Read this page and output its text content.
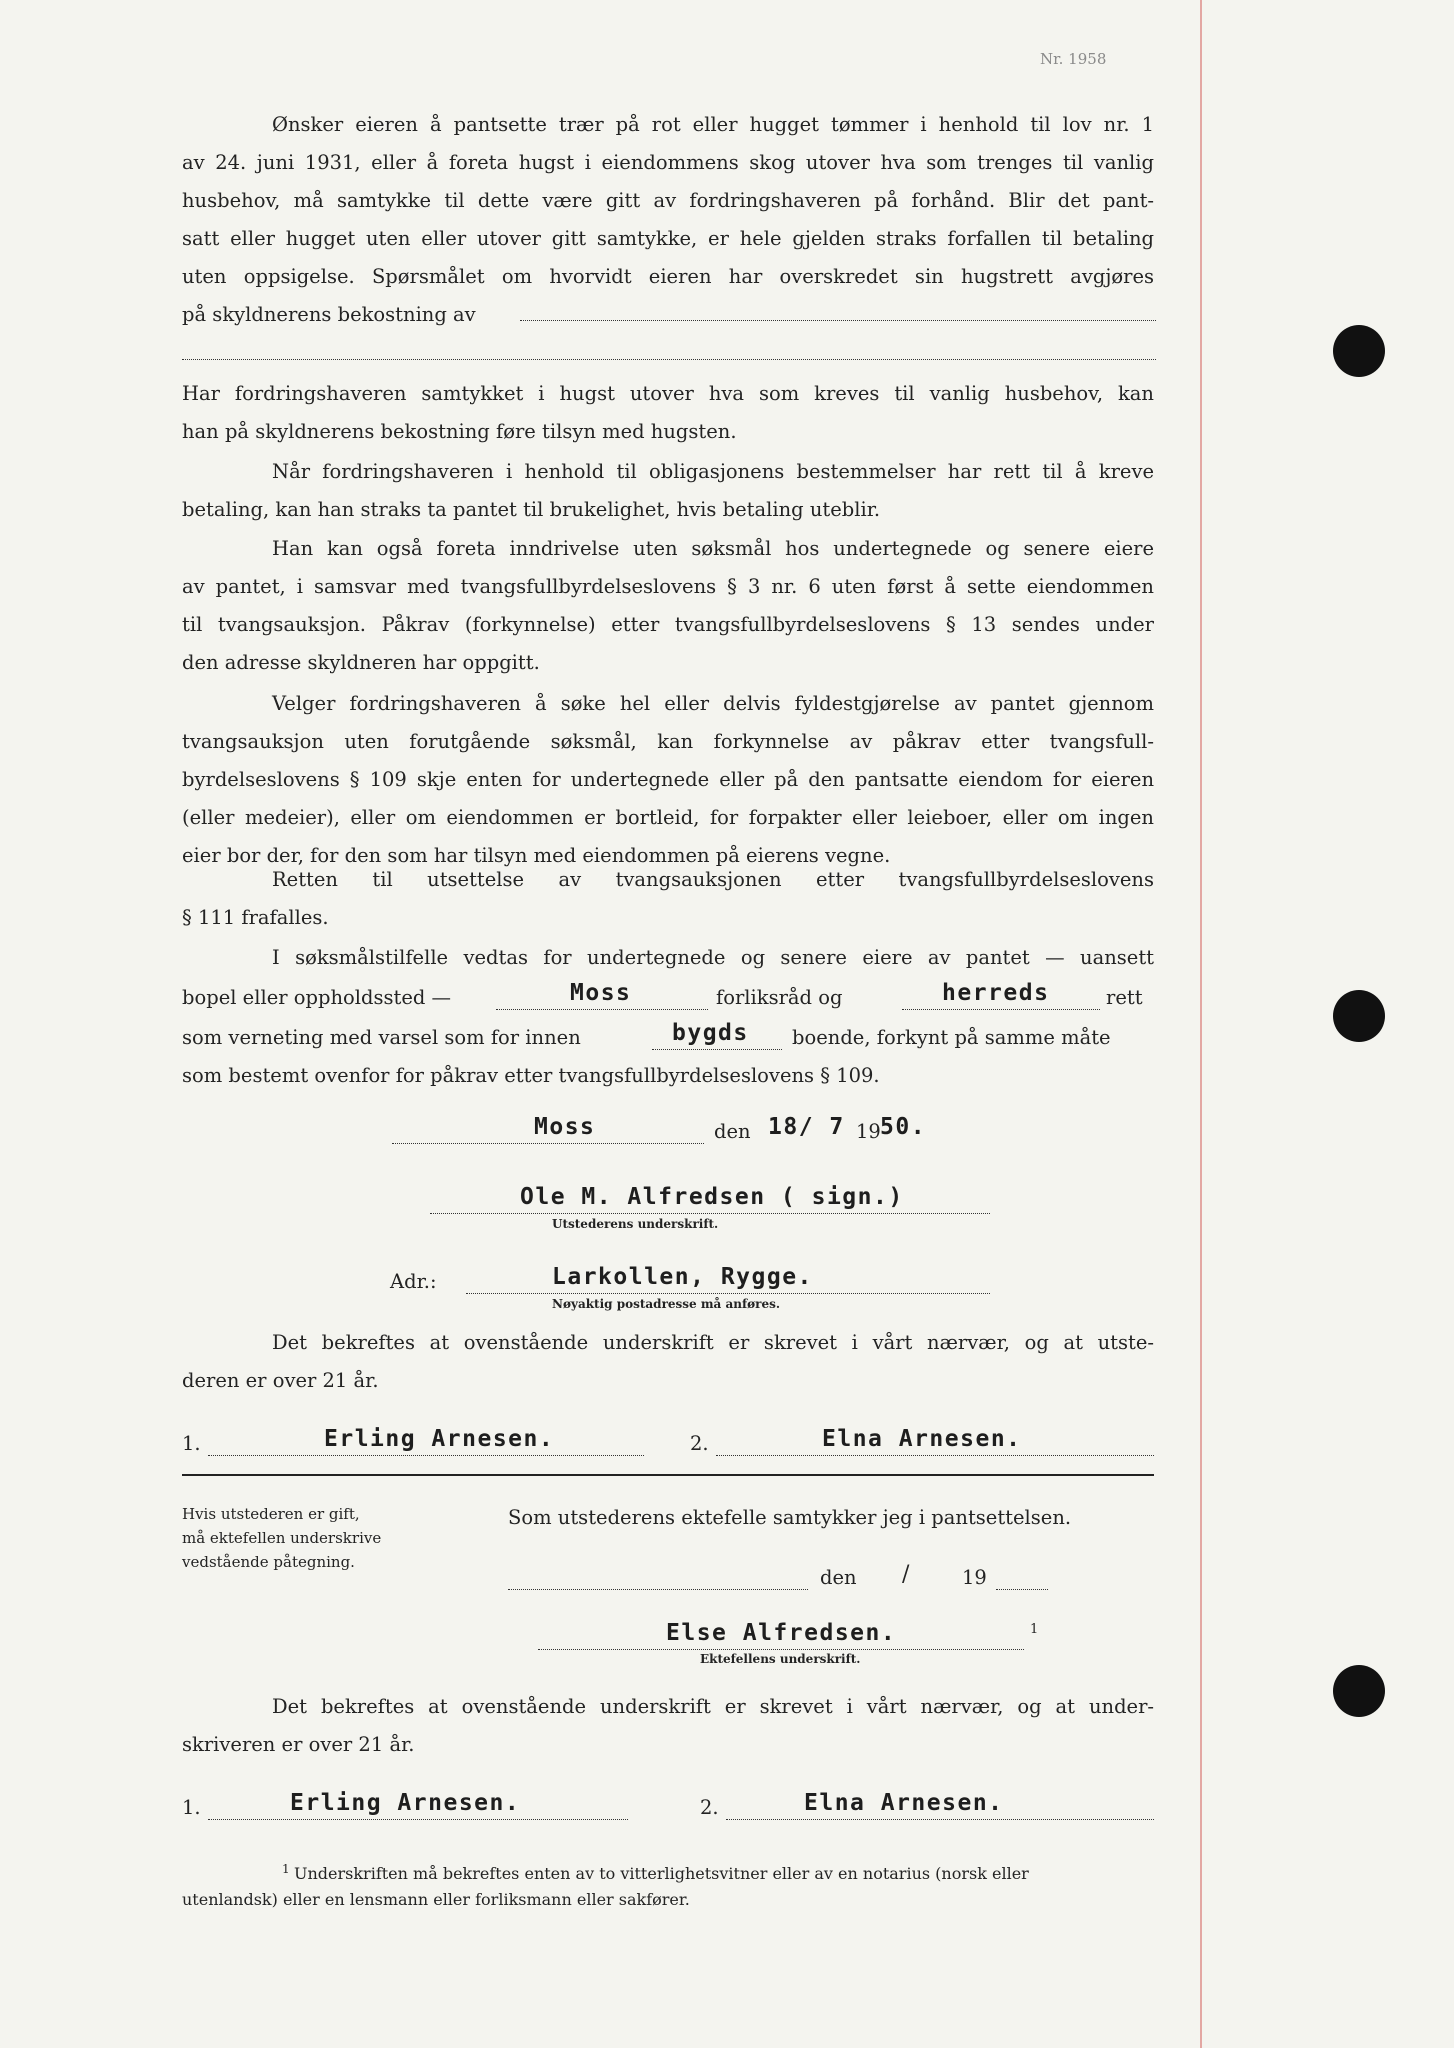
Nr. 1958
Ønsker eieren å pantsette trær på rot eller hugget tømmer i henhold til lov nr. 1
av 24. juni 1931, eller å foreta hugst i eiendommens skog utover hva som trenges til vanlig
husbehov, må samtykke til dette være gitt av fordringshaveren på forhånd. Blir det pant-
satt eller hugget uten eller utover gitt samtykke, er hele gjelden straks forfallen til betaling
uten oppsigelse. Spørsmålet om hvorvidt eieren har overskredet sin hugstrett avgjøres
på skyldnerens bekostning av
Har fordringshaveren samtykket i hugst utover hva som kreves til vanlig husbehov, kan
han på skyldnerens bekostning føre tilsyn med hugsten.
Når fordringshaveren i henhold til obligasjonens bestemmelser har rett til å kreve
betaling, kan han straks ta pantet til brukelighet, hvis betaling uteblir.
Han kan også foreta inndrivelse uten søksmål hos undertegnede og senere eiere
av pantet, i samsvar med tvangsfullbyrdelseslovens § 3 nr. 6 uten først å sette eiendommen
til tvangsauksjon. Påkrav (forkynnelse) etter tvangsfullbyrdelseslovens § 13 sendes under
den adresse skyldneren har oppgitt.
Velger fordringshaveren å søke hel eller delvis fyldestgjørelse av pantet gjennom
tvangsauksjon uten forutgående søksmål, kan forkynnelse av påkrav etter tvangsfull-
byrdelseslovens § 109 skje enten for undertegnede eller på den pantsatte eiendom for eieren
(eller medeier), eller om eiendommen er bortleid, for forpakter eller leieboer, eller om ingen
eier bor der, for den som har tilsyn med eiendommen på eierens vegne.
Retten til utsettelse av tvangsauksjonen etter tvangsfullbyrdelseslovens
§ 111 frafalles.
I søksmålstilfelle vedtas for undertegnede og senere eiere av pantet — uansett
bopel eller oppholdssted —	Moss	forliksråd og	herreds	rett
som verneting med varsel som for innen	bygds boende, forkynt på samme måte
som bestemt ovenfor for påkrav etter tvangsfullbyrdelseslovens § 109.
Moss	den 18/ 7 19 50.
Ole M. Alfredsen ( sign.)
Utstederens underskrift.
Adr.:	Larkollen, Rygge.
Nøyaktig postadresse må anføres.
Det bekreftes at ovenstående underskrift er skrevet i vårt nærvær, og at utste-
deren er over 21 år.
1.	Erling Arnesen.	2.	Elna Arnesen.
Hvis utstederen er gift,
må ektefellen underskrive
vedstående påtegning.
Som utstederens ektefelle samtykker jeg i pantsettelsen.
den /	19
Else Alfredsen.	1
Ektefellens underskrift.
Det bekreftes at ovenstående underskrift er skrevet i vårt nærvær, og at under-
skriveren er over 21 år.
1.	Erling Arnesen.	2.	Elna Arnesen.
1 Underskriften må bekreftes enten av to vitterlighetsvitner eller av en notarius (norsk eller
utenlandsk) eller en lensmann eller forliksmann eller sakfører.
